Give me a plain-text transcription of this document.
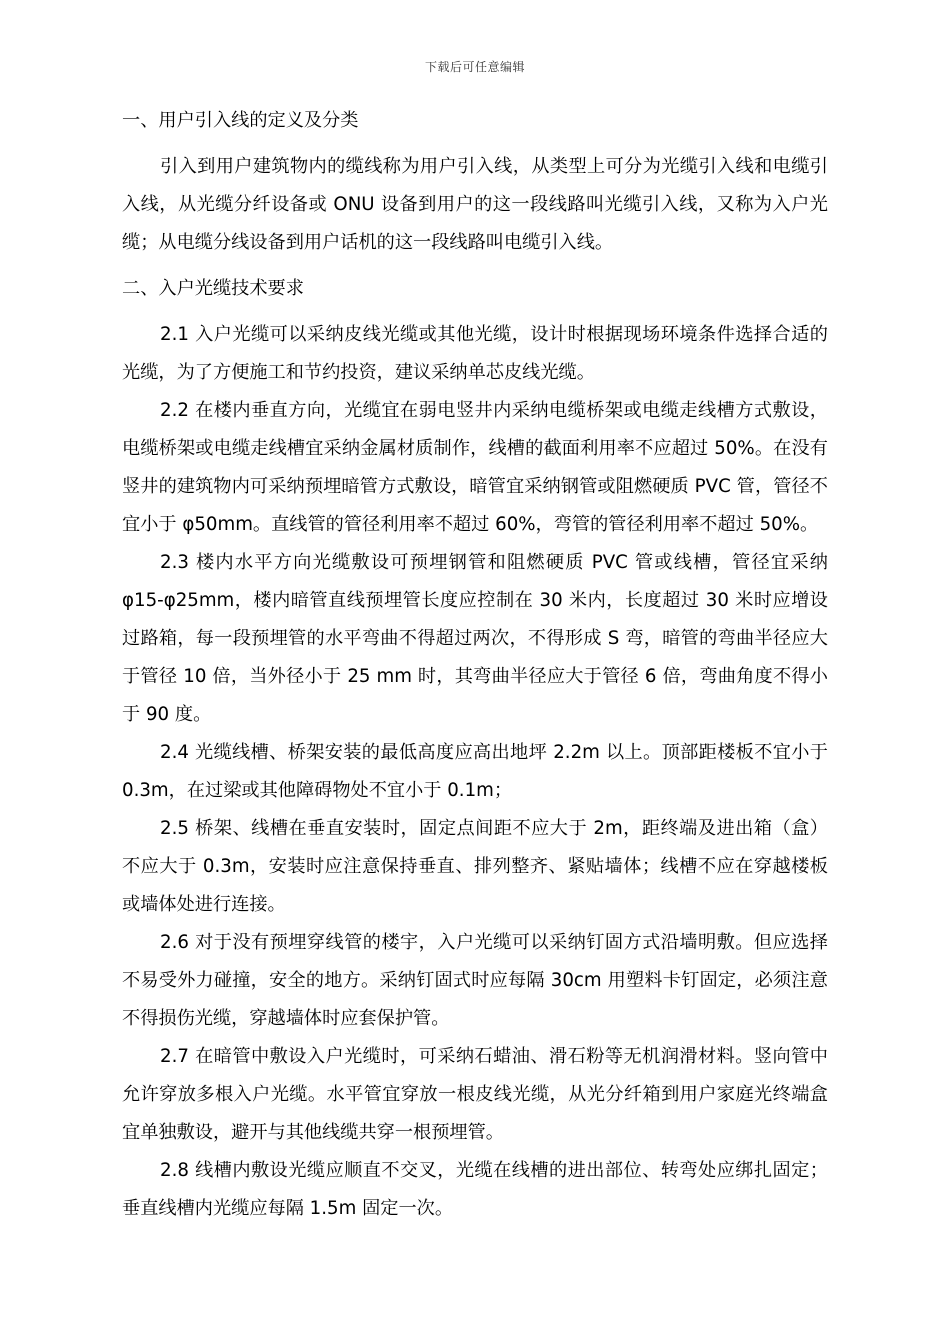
下载后可任意编辑
一、用户引入线的定义及分类

引入到用户建筑物内的缆线称为用户引入线，从类型上可分为光缆引入线和电缆引入线，从光缆分纤设备或 ONU 设备到用户的这一段线路叫光缆引入线，又称为入户光缆；从电缆分线设备到用户话机的这一段线路叫电缆引入线。

二、入户光缆技术要求

2.1 入户光缆可以采纳皮线光缆或其他光缆，设计时根据现场环境条件选择合适的光缆，为了方便施工和节约投资，建议采纳单芯皮线光缆。

2.2 在楼内垂直方向，光缆宜在弱电竖井内采纳电缆桥架或电缆走线槽方式敷设，电缆桥架或电缆走线槽宜采纳金属材质制作，线槽的截面利用率不应超过 50%。在没有竖井的建筑物内可采纳预埋暗管方式敷设，暗管宜采纳钢管或阻燃硬质 PVC 管，管径不宜小于 φ50mm。直线管的管径利用率不超过 60%，弯管的管径利用率不超过 50%。

2.3 楼内水平方向光缆敷设可预埋钢管和阻燃硬质 PVC 管或线槽，管径宜采纳 φ15-φ25mm，楼内暗管直线预埋管长度应控制在 30 米内，长度超过 30 米时应增设过路箱，每一段预埋管的水平弯曲不得超过两次，不得形成 S 弯，暗管的弯曲半径应大于管径 10 倍，当外径小于 25 mm 时，其弯曲半径应大于管径 6 倍，弯曲角度不得小于 90 度。

2.4 光缆线槽、桥架安装的最低高度应高出地坪 2.2m 以上。顶部距楼板不宜小于 0.3m，在过梁或其他障碍物处不宜小于 0.1m；

2.5 桥架、线槽在垂直安装时，固定点间距不应大于 2m，距终端及进出箱（盒）不应大于 0.3m，安装时应注意保持垂直、排列整齐、紧贴墙体；线槽不应在穿越楼板或墙体处进行连接。

2.6 对于没有预埋穿线管的楼宇，入户光缆可以采纳钉固方式沿墙明敷。但应选择不易受外力碰撞，安全的地方。采纳钉固式时应每隔 30cm 用塑料卡钉固定，必须注意不得损伤光缆，穿越墙体时应套保护管。

2.7 在暗管中敷设入户光缆时，可采纳石蜡油、滑石粉等无机润滑材料。竖向管中允许穿放多根入户光缆。水平管宜穿放一根皮线光缆，从光分纤箱到用户家庭光终端盒宜单独敷设，避开与其他线缆共穿一根预埋管。

2.8 线槽内敷设光缆应顺直不交叉，光缆在线槽的进出部位、转弯处应绑扎固定；垂直线槽内光缆应每隔 1.5m 固定一次。
